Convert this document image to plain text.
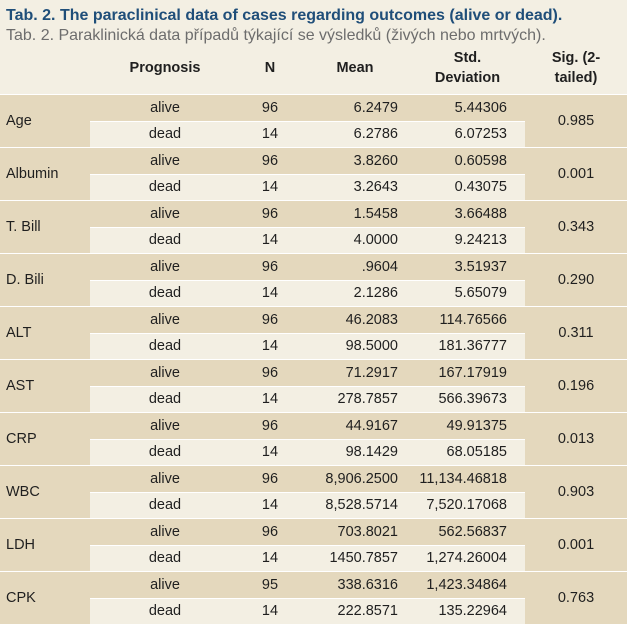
Tab. 2. The paraclinical data of cases regarding outcomes (alive or dead).
Tab. 2. Paraklinická data případů týkající se výsledků (živých nebo mrtvých).
	Prognosis	N	Mean	Std. Deviation	Sig. (2-tailed)
Age	alive	96	6.2479	5.44306	0.985
	dead	14	6.2786	6.07253	
Albumin	alive	96	3.8260	0.60598	0.001
	dead	14	3.2643	0.43075	
T. Bill	alive	96	1.5458	3.66488	0.343
	dead	14	4.0000	9.24213	
D. Bili	alive	96	.9604	3.51937	0.290
	dead	14	2.1286	5.65079	
ALT	alive	96	46.2083	114.76566	0.311
	dead	14	98.5000	181.36777	
AST	alive	96	71.2917	167.17919	0.196
	dead	14	278.7857	566.39673	
CRP	alive	96	44.9167	49.91375	0.013
	dead	14	98.1429	68.05185	
WBC	alive	96	8,906.2500	11,134.46818	0.903
	dead	14	8,528.5714	7,520.17068	
LDH	alive	96	703.8021	562.56837	0.001
	dead	14	1450.7857	1,274.26004	
CPK	alive	95	338.6316	1,423.34864	0.763
	dead	14	222.8571	135.22964	
